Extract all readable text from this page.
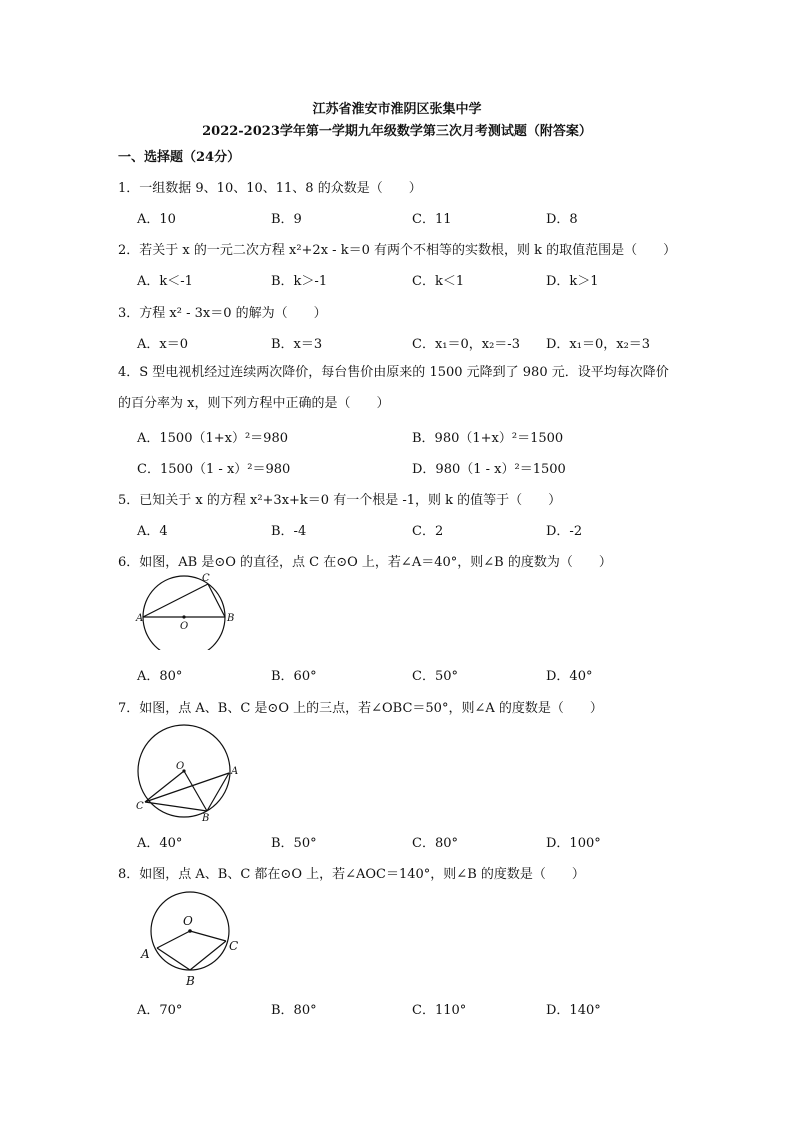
江苏省淮安市淮阴区张集中学
2022-2023学年第一学期九年级数学第三次月考测试题（附答案）
一、选择题（24分）
1．一组数据 9、10、10、11、8 的众数是（　　）
A．10	B．9	C．11	D．8
2．若关于 x 的一元二次方程 x²+2x - k＝0 有两个不相等的实数根，则 k 的取值范围是（　　）
A．k＜-1	B．k＞-1	C．k＜1	D．k＞1
3．方程 x² - 3x＝0 的解为（　　）
A．x＝0	B．x＝3	C．x₁＝0，x₂＝-3 D．x₁＝0，x₂＝3
4．S 型电视机经过连续两次降价，每台售价由原来的 1500 元降到了 980 元．设平均每次降价的百分率为 x，则下列方程中正确的是（　　）
A．1500（1+x）²＝980	B．980（1+x）²＝1500
C．1500（1 - x）²＝980	D．980（1 - x）²＝1500
5．已知关于 x 的方程 x²+3x+k＝0 有一个根是 -1，则 k 的值等于（　　）
A．4	B．-4	C．2	D．-2
6．如图，AB 是⊙O 的直径，点 C 在⊙O 上，若∠A＝40°，则∠B 的度数为（　　）
A	B
C
O
A．80°	B．60°	C．50°	D．40°
7．如图，点 A、B、C 是⊙O 上的三点，若∠OBC＝50°，则∠A 的度数是（　　）
O	A
C
B
A．40°	B．50°	C．80°	D．100°
8．如图，点 A、B、C 都在⊙O 上，若∠AOC＝140°，则∠B 的度数是（　　）
O
A
C
B
A．70°	B．80°	C．110°	D．140°
